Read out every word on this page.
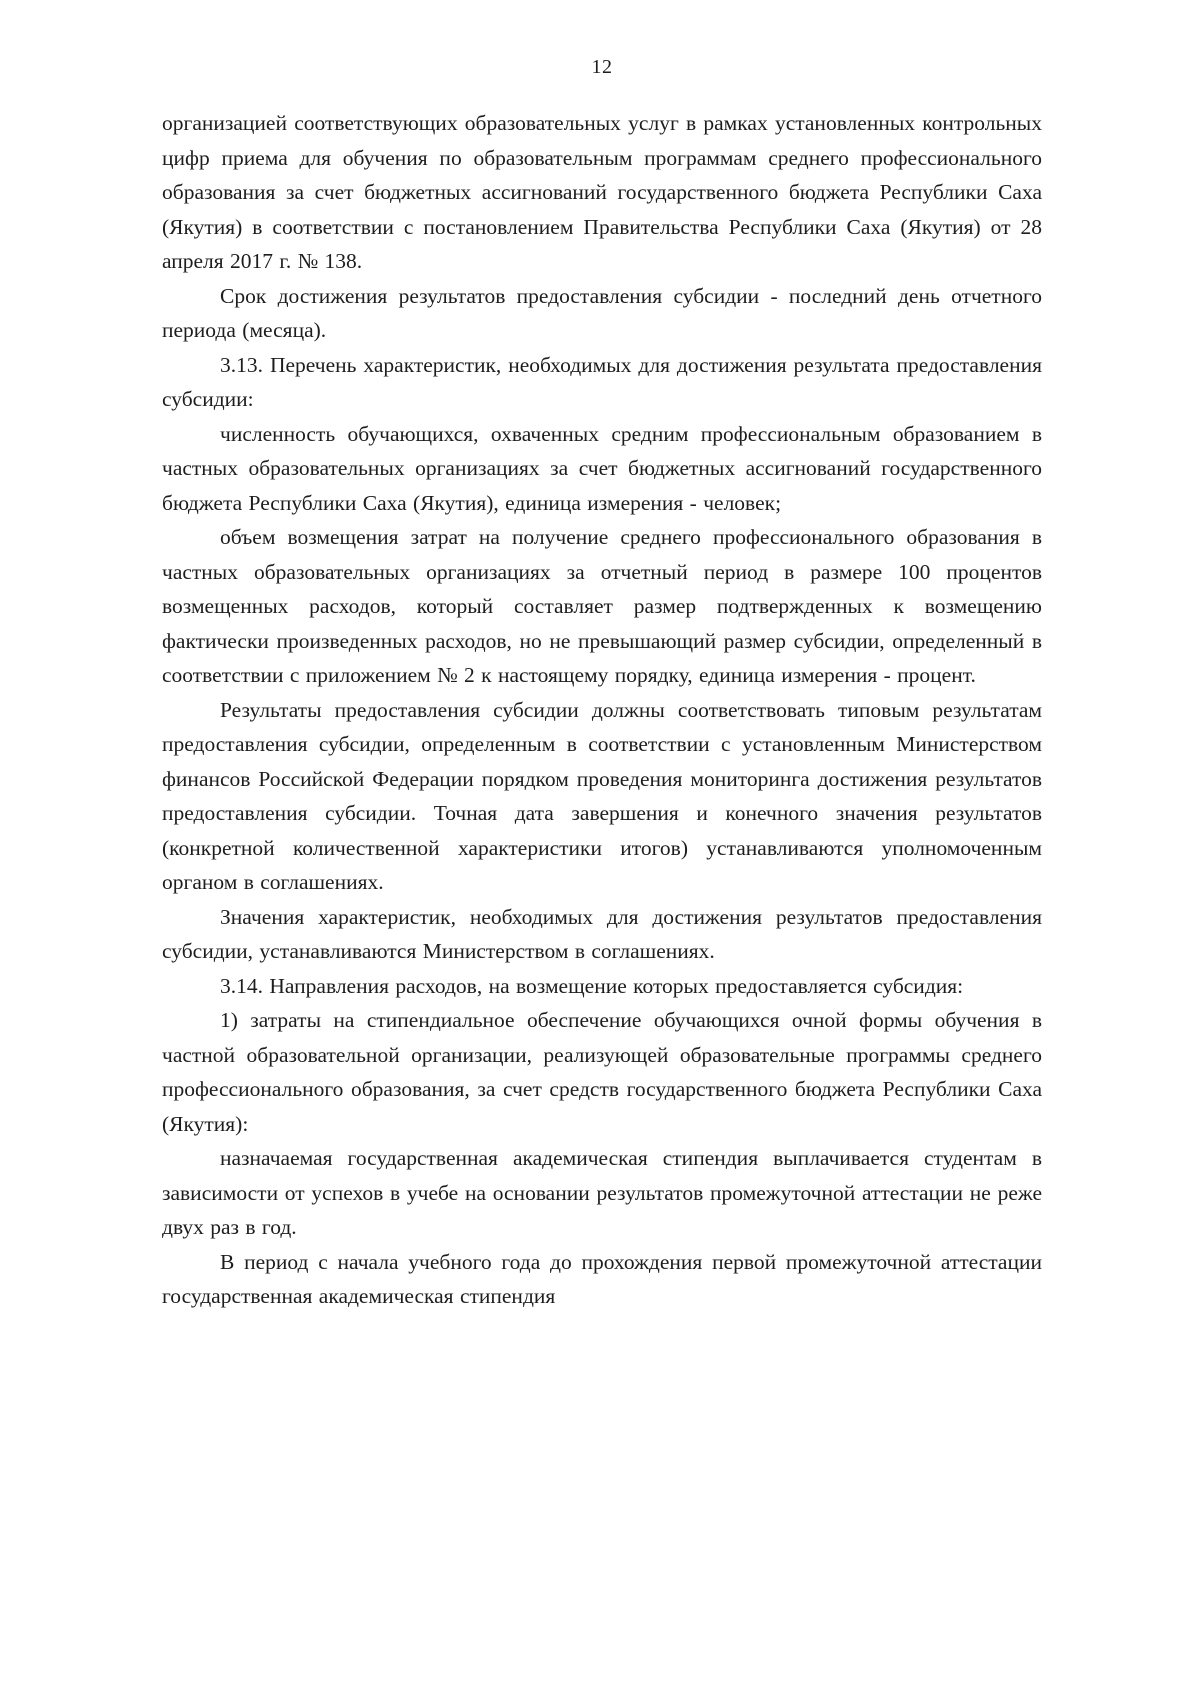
12

организацией соответствующих образовательных услуг в рамках установленных контрольных цифр приема для обучения по образовательным программам среднего профессионального образования за счет бюджетных ассигнований государственного бюджета Республики Саха (Якутия) в соответствии с постановлением Правительства Республики Саха (Якутия) от 28 апреля 2017 г. № 138.

Срок достижения результатов предоставления субсидии - последний день отчетного периода (месяца).

3.13. Перечень характеристик, необходимых для достижения результата предоставления субсидии:

численность обучающихся, охваченных средним профессиональным образованием в частных образовательных организациях за счет бюджетных ассигнований государственного бюджета Республики Саха (Якутия), единица измерения - человек;

объем возмещения затрат на получение среднего профессионального образования в частных образовательных организациях за отчетный период в размере 100 процентов возмещенных расходов, который составляет размер подтвержденных к возмещению фактически произведенных расходов, но не превышающий размер субсидии, определенный в соответствии с приложением № 2 к настоящему порядку, единица измерения - процент.

Результаты предоставления субсидии должны соответствовать типовым результатам предоставления субсидии, определенным в соответствии с установленным Министерством финансов Российской Федерации порядком проведения мониторинга достижения результатов предоставления субсидии. Точная дата завершения и конечного значения результатов (конкретной количественной характеристики итогов) устанавливаются уполномоченным органом в соглашениях.

Значения характеристик, необходимых для достижения результатов предоставления субсидии, устанавливаются Министерством в соглашениях.

3.14. Направления расходов, на возмещение которых предоставляется субсидия:

1) затраты на стипендиальное обеспечение обучающихся очной формы обучения в частной образовательной организации, реализующей образовательные программы среднего профессионального образования, за счет средств государственного бюджета Республики Саха (Якутия):

назначаемая государственная академическая стипендия выплачивается студентам в зависимости от успехов в учебе на основании результатов промежуточной аттестации не реже двух раз в год.

В период с начала учебного года до прохождения первой промежуточной аттестации государственная академическая стипендия
